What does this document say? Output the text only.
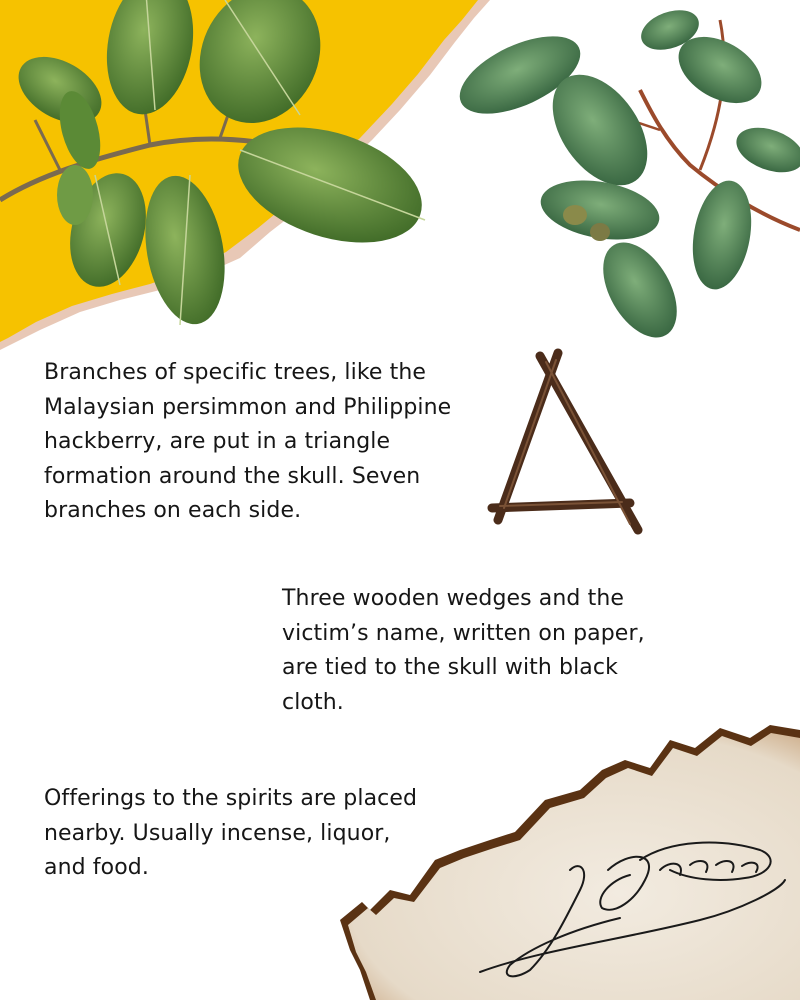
Branches of specific trees, like the Malaysian persimmon and Philippine hackberry, are put in a triangle formation around the skull. Seven branches on each side.

Three wooden wedges and the victim’s name, written on paper, are tied to the skull with black cloth.

Offerings to the spirits are placed nearby. Usually incense, liquor, and food.
